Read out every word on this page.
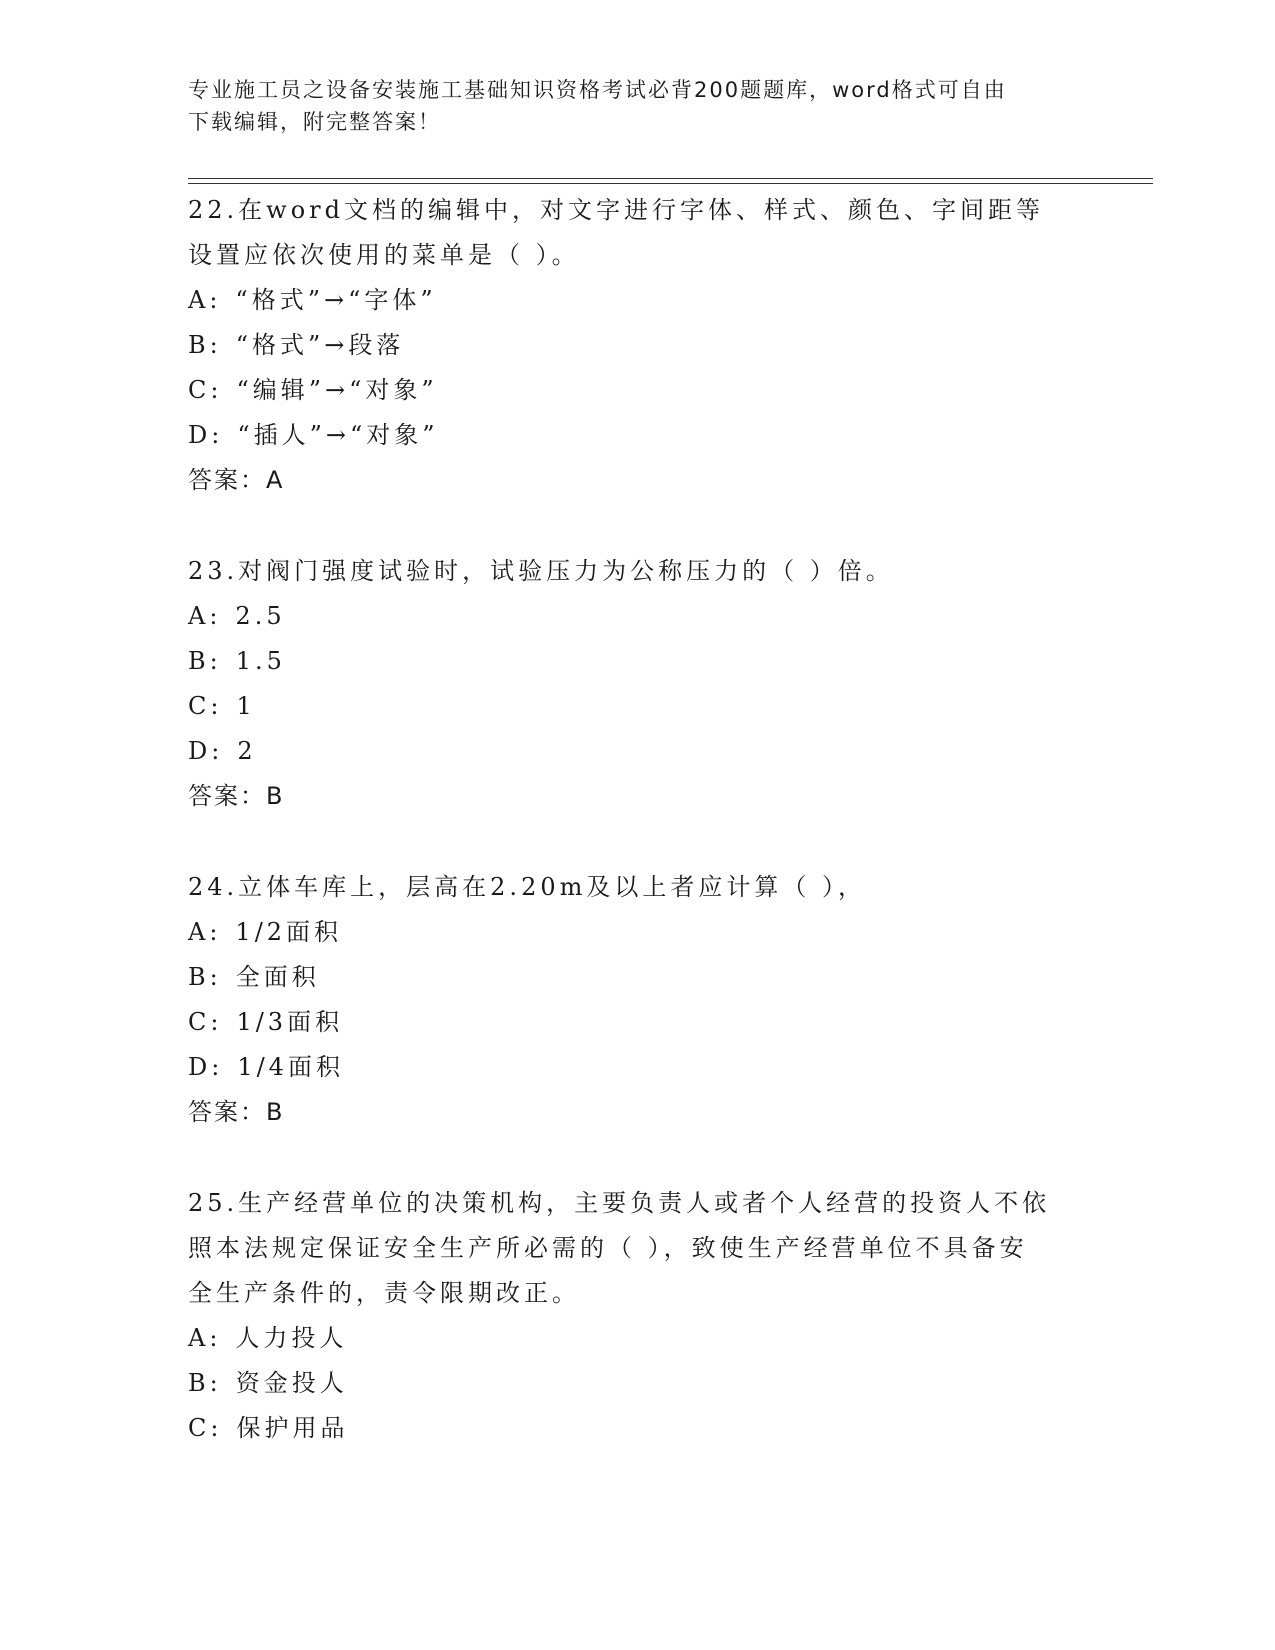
专业施工员之设备安装施工基础知识资格考试必背200题题库，word格式可自由
下载编辑，附完整答案！

22.在word文档的编辑中，对文字进行字体、样式、颜色、字间距等

设置应依次使用的菜单是（ ）。

A: “格式”→“字体”

B: “格式”→段落

C: “编辑”→“对象”

D: “插人”→“对象”

答案：A

23.对阀门强度试验时，试验压力为公称压力的（ ）倍。

A: 2.5

B: 1.5

C: 1

D: 2

答案：B

24.立体车库上，层高在2.20m及以上者应计算（ ），

A: 1/2面积

B: 全面积

C: 1/3面积

D: 1/4面积

答案：B

25.生产经营单位的决策机构，主要负责人或者个人经营的投资人不依

照本法规定保证安全生产所必需的（ ），致使生产经营单位不具备安

全生产条件的，责令限期改正。

A: 人力投人

B: 资金投人

C: 保护用品
